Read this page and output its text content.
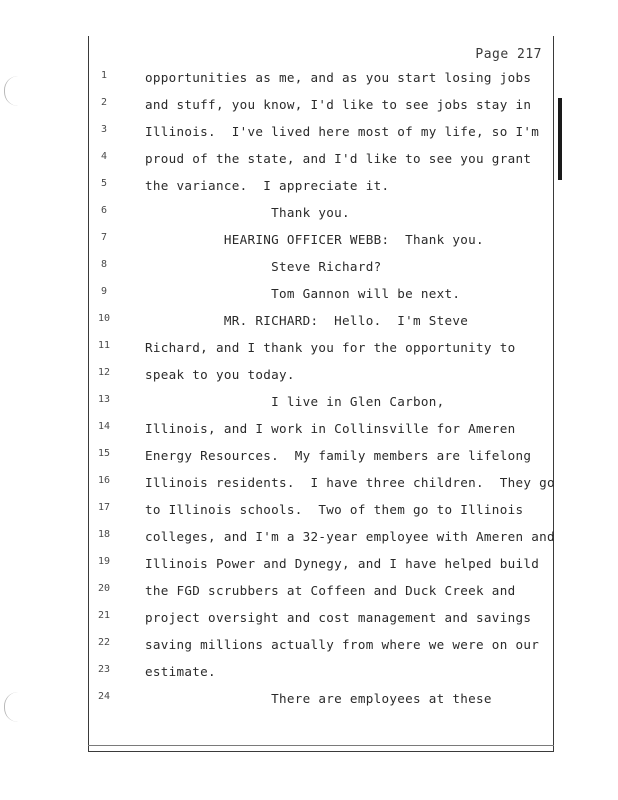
Page 217
1	opportunities as me, and as you start losing jobs
2	and stuff, you know, I'd like to see jobs stay in
3	Illinois.  I've lived here most of my life, so I'm
4	proud of the state, and I'd like to see you grant
5	the variance.  I appreciate it.
6	Thank you.
7	HEARING OFFICER WEBB:  Thank you.
8	Steve Richard?
9	Tom Gannon will be next.
10	MR. RICHARD:  Hello.  I'm Steve
11	Richard, and I thank you for the opportunity to
12	speak to you today.
13	I live in Glen Carbon,
14	Illinois, and I work in Collinsville for Ameren
15	Energy Resources.  My family members are lifelong
16	Illinois residents.  I have three children.  They go
17	to Illinois schools.  Two of them go to Illinois
18	colleges, and I'm a 32-year employee with Ameren and
19	Illinois Power and Dynegy, and I have helped build
20	the FGD scrubbers at Coffeen and Duck Creek and
21	project oversight and cost management and savings
22	saving millions actually from where we were on our
23	estimate.
24	There are employees at these
